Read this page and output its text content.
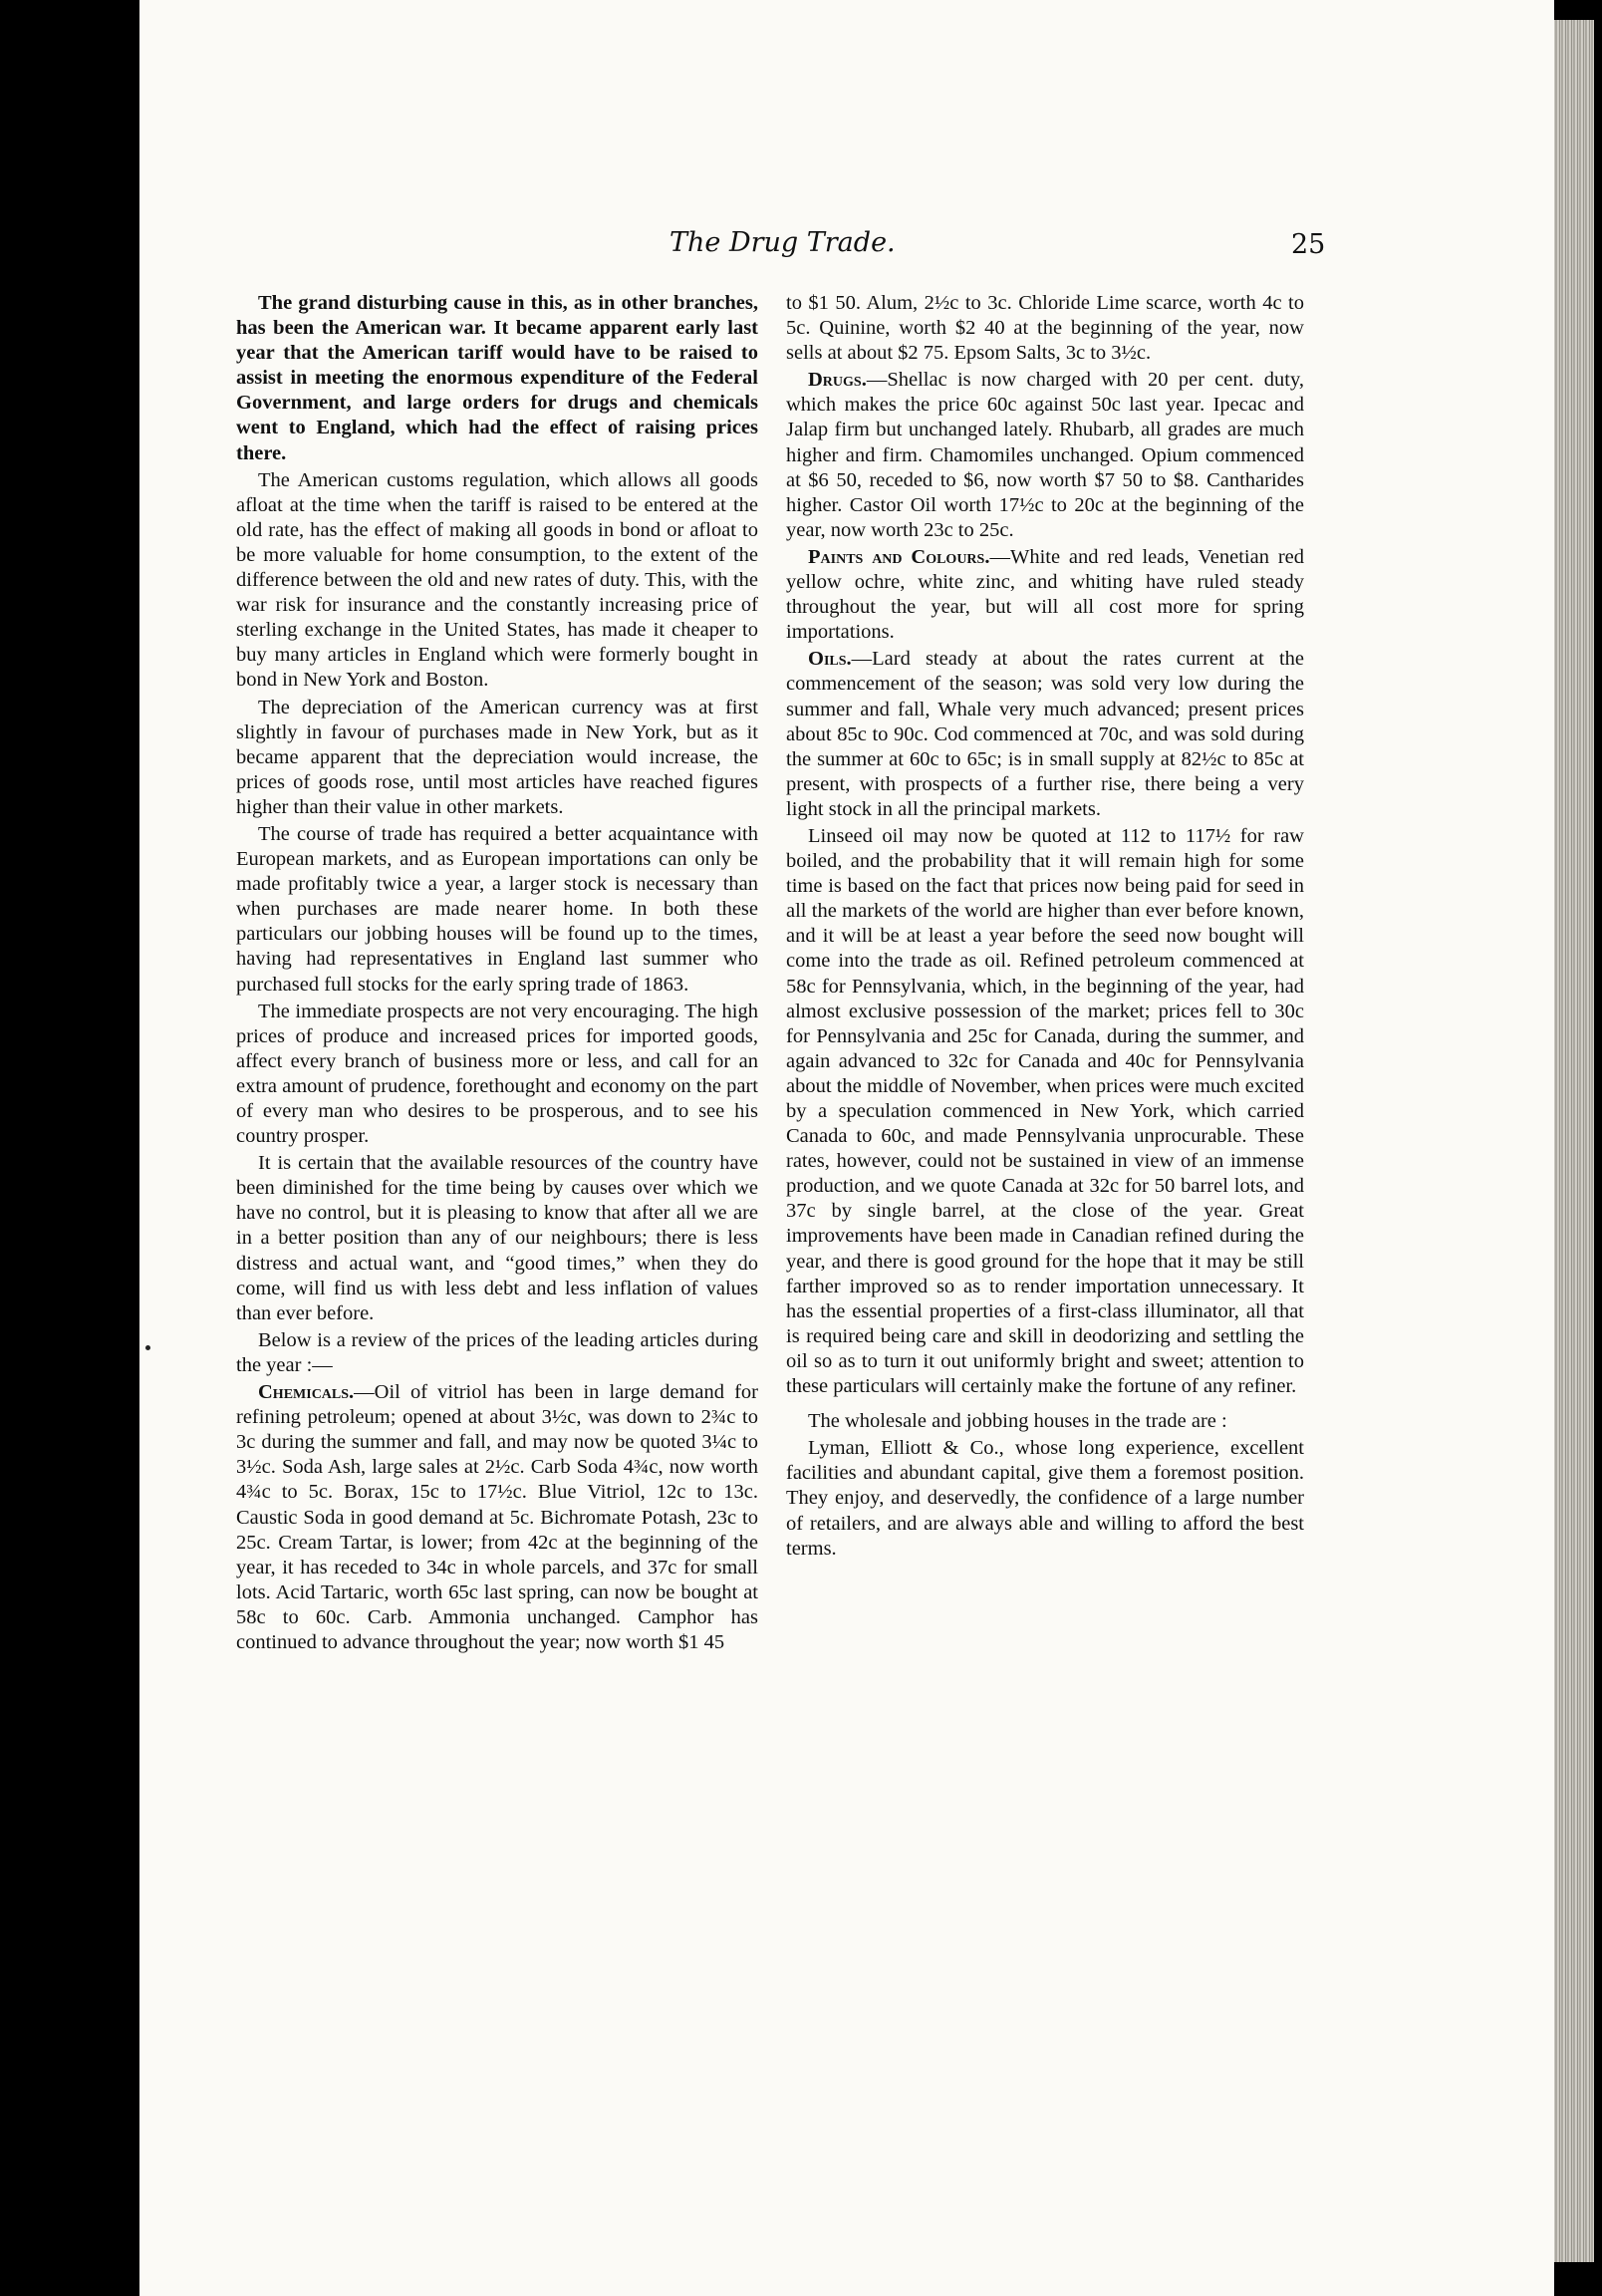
The Drug Trade.	25

The grand disturbing cause in this, as in other branches, has been the American war. It became apparent early last year that the American tariff would have to be raised to assist in meeting the enormous expenditure of the Federal Government, and large orders for drugs and chemicals went to England, which had the effect of raising prices there.

The American customs regulation, which allows all goods afloat at the time when the tariff is raised to be entered at the old rate, has the effect of making all goods in bond or afloat to be more valuable for home consumption, to the extent of the difference between the old and new rates of duty. This, with the war risk for insurance and the constantly increasing price of sterling exchange in the United States, has made it cheaper to buy many articles in England which were formerly bought in bond in New York and Boston.

The depreciation of the American currency was at first slightly in favour of purchases made in New York, but as it became apparent that the depreciation would increase, the prices of goods rose, until most articles have reached figures higher than their value in other markets.

The course of trade has required a better acquaintance with European markets, and as European importations can only be made profitably twice a year, a larger stock is necessary than when purchases are made nearer home. In both these particulars our jobbing houses will be found up to the times, having had representatives in England last summer who purchased full stocks for the early spring trade of 1863.

The immediate prospects are not very encouraging. The high prices of produce and increased prices for imported goods, affect every branch of business more or less, and call for an extra amount of prudence, forethought and economy on the part of every man who desires to be prosperous, and to see his country prosper.

It is certain that the available resources of the country have been diminished for the time being by causes over which we have no control, but it is pleasing to know that after all we are in a better position than any of our neighbours; there is less distress and actual want, and “good times,” when they do come, will find us with less debt and less inflation of values than ever before.

Below is a review of the prices of the leading articles during the year :—

Chemicals.—Oil of vitriol has been in large demand for refining petroleum; opened at about 3½c, was down to 2¾c to 3c during the summer and fall, and may now be quoted 3¼c to 3½c. Soda Ash, large sales at 2½c. Carb Soda 4¾c, now worth 4¾c to 5c. Borax, 15c to 17½c. Blue Vitriol, 12c to 13c. Caustic Soda in good demand at 5c. Bichromate Potash, 23c to 25c. Cream Tartar, is lower; from 42c at the beginning of the year, it has receded to 34c in whole parcels, and 37c for small lots. Acid Tartaric, worth 65c last spring, can now be bought at 58c to 60c. Carb. Ammonia unchanged. Camphor has continued to advance throughout the year; now worth $1 45

to $1 50. Alum, 2½c to 3c. Chloride Lime scarce, worth 4c to 5c. Quinine, worth $2 40 at the beginning of the year, now sells at about $2 75. Epsom Salts, 3c to 3½c.

Drugs.—Shellac is now charged with 20 per cent. duty, which makes the price 60c against 50c last year. Ipecac and Jalap firm but unchanged lately. Rhubarb, all grades are much higher and firm. Chamomiles unchanged. Opium commenced at $6 50, receded to $6, now worth $7 50 to $8. Cantharides higher. Castor Oil worth 17½c to 20c at the beginning of the year, now worth 23c to 25c.

Paints and Colours.—White and red leads, Venetian red yellow ochre, white zinc, and whiting have ruled steady throughout the year, but will all cost more for spring importations.

Oils.—Lard steady at about the rates current at the commencement of the season; was sold very low during the summer and fall, Whale very much advanced; present prices about 85c to 90c. Cod commenced at 70c, and was sold during the summer at 60c to 65c; is in small supply at 82½c to 85c at present, with prospects of a further rise, there being a very light stock in all the principal markets.

Linseed oil may now be quoted at 112 to 117½ for raw boiled, and the probability that it will remain high for some time is based on the fact that prices now being paid for seed in all the markets of the world are higher than ever before known, and it will be at least a year before the seed now bought will come into the trade as oil. Refined petroleum commenced at 58c for Pennsylvania, which, in the beginning of the year, had almost exclusive possession of the market; prices fell to 30c for Pennsylvania and 25c for Canada, during the summer, and again advanced to 32c for Canada and 40c for Pennsylvania about the middle of November, when prices were much excited by a speculation commenced in New York, which carried Canada to 60c, and made Pennsylvania unprocurable. These rates, however, could not be sustained in view of an immense production, and we quote Canada at 32c for 50 barrel lots, and 37c by single barrel, at the close of the year. Great improvements have been made in Canadian refined during the year, and there is good ground for the hope that it may be still farther improved so as to render importation unnecessary. It has the essential properties of a first-class illuminator, all that is required being care and skill in deodorizing and settling the oil so as to turn it out uniformly bright and sweet; attention to these particulars will certainly make the fortune of any refiner.

The wholesale and jobbing houses in the trade are :

Lyman, Elliott & Co., whose long experience, excellent facilities and abundant capital, give them a foremost position. They enjoy, and deservedly, the confidence of a large number of retailers, and are always able and willing to afford the best terms.
